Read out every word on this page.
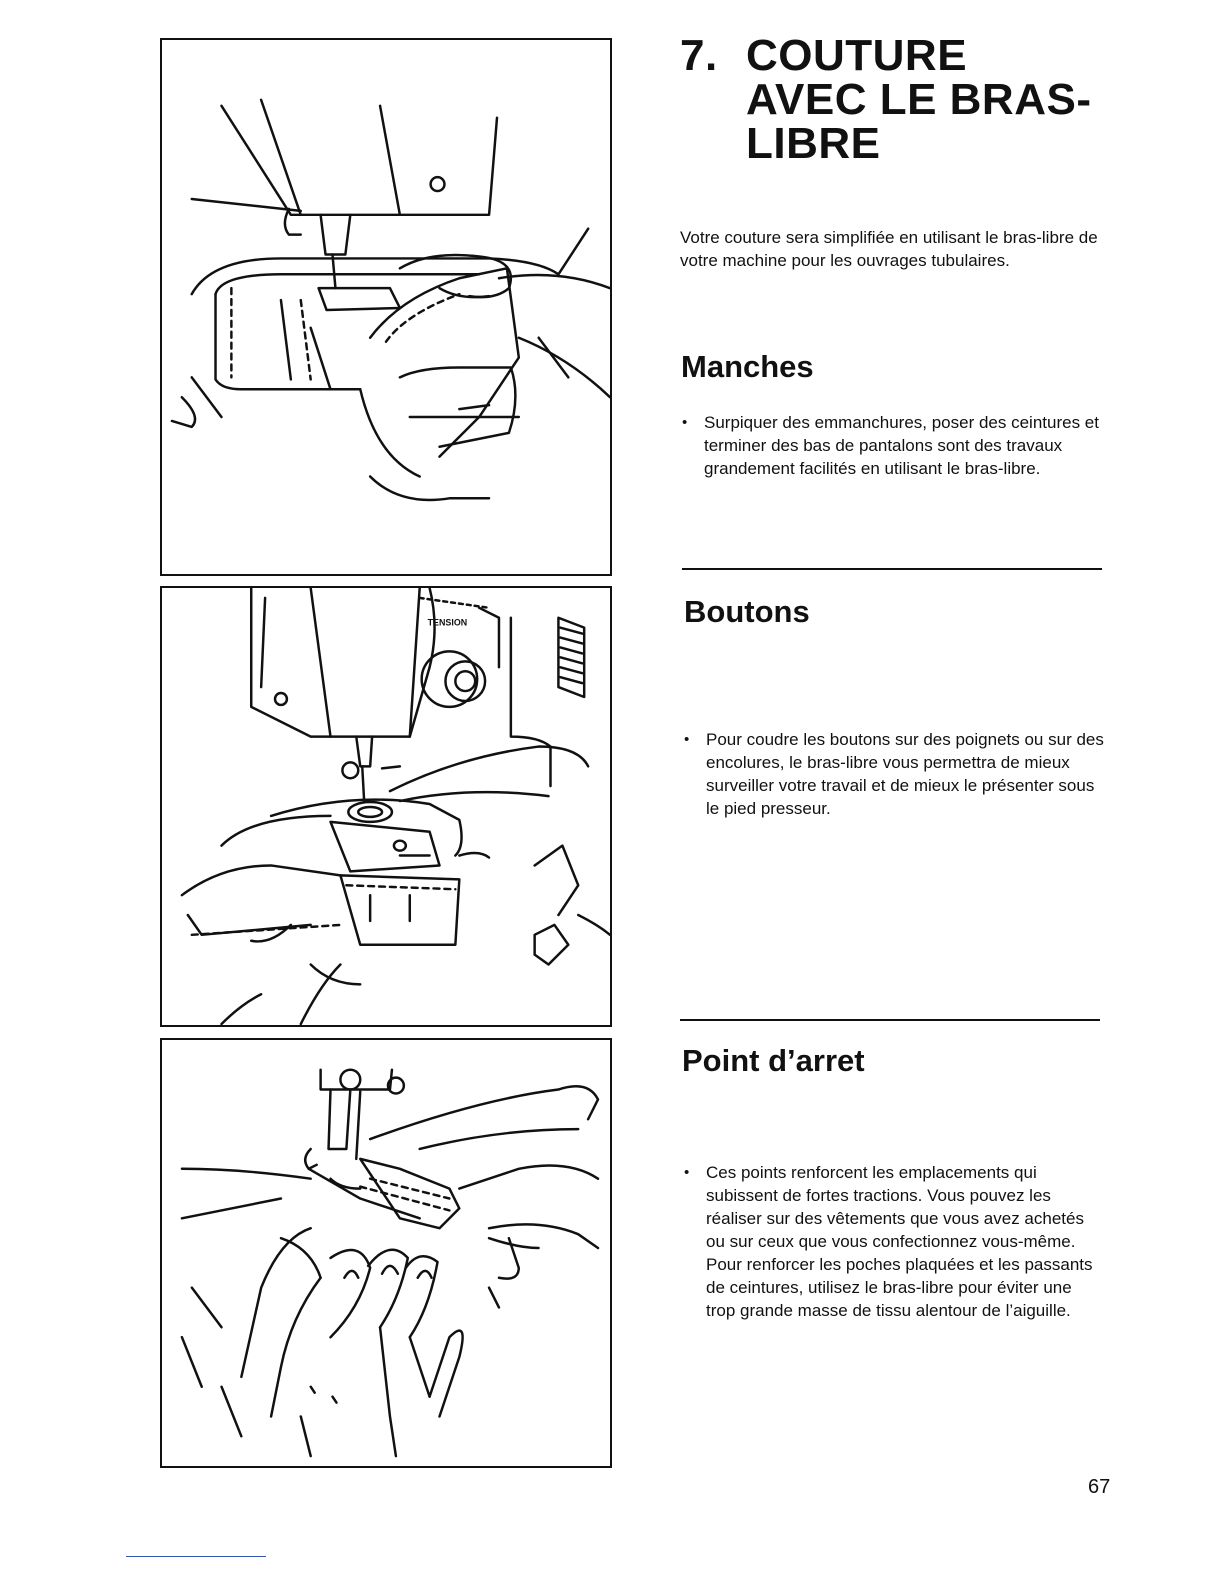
TENSION
7. COUTURE
AVEC LE BRAS-
LIBRE

Votre couture sera simplifiée en utilisant le bras-libre de votre machine pour les ouvrages tubulaires.

Manches

• Surpiquer des emmanchures, poser des ceintures et terminer des bas de pantalons sont des travaux grandement facilités en utilisant le bras-libre.

Boutons

• Pour coudre les boutons sur des poignets ou sur des encolures, le bras-libre vous permettra de mieux surveiller votre travail et de mieux le présenter sous le pied presseur.

Point d’arret

• Ces points renforcent les emplacements qui subissent de fortes tractions. Vous pouvez les réaliser sur des vêtements que vous avez achetés ou sur ceux que vous confectionnez vous-même. Pour renforcer les poches plaquées et les passants de ceintures, utilisez le bras-libre pour éviter une trop grande masse de tissu alentour de l’aiguille.

67
